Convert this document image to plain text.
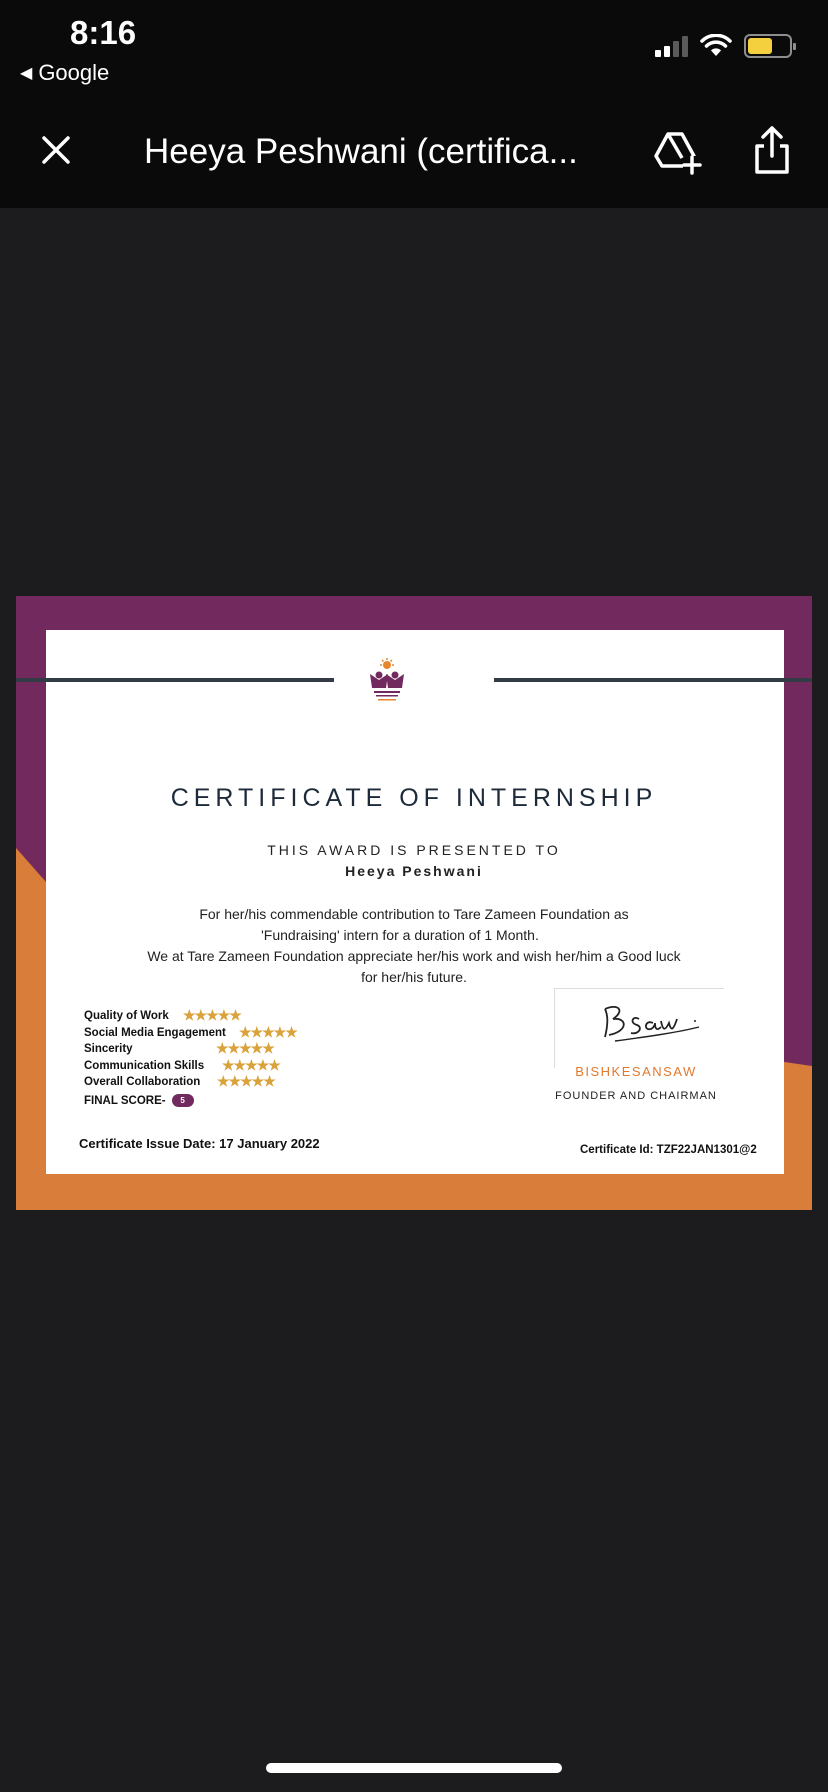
8:16
◀ Google
Heeya Peshwani (certifica...
CERTIFICATE OF INTERNSHIP
THIS AWARD IS PRESENTED TO
Heeya Peshwani
For her/his commendable contribution to Tare Zameen Foundation as
'Fundraising' intern for a duration of 1 Month.
We at Tare Zameen Foundation appreciate her/his work and wish her/him a Good luck
for her/his future.
Quality of Work ★★★★★
Social Media Engagement ★★★★★
Sincerity	★★★★★
Communication Skills ★★★★★
Overall Collaboration ★★★★★
FINAL SCORE-	5
BISHKESANSAW
FOUNDER AND CHAIRMAN
Certificate Issue Date: 17 January 2022	Certificate Id: TZF22JAN1301@2
